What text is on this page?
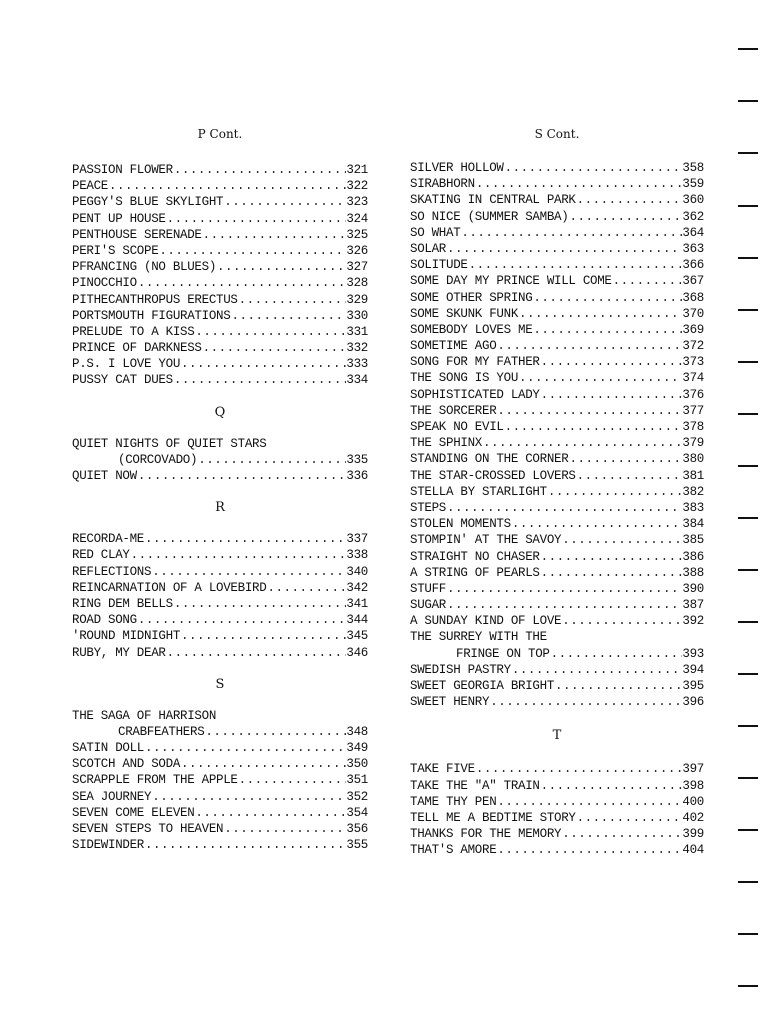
P Cont.
PASSION FLOWER .....	321
PEACE .....	322
PEGGY'S BLUE SKYLIGHT .....	323
PENT UP HOUSE .....	324
PENTHOUSE SERENADE .....	325
PERI'S SCOPE .....	326
PFRANCING (NO BLUES) .....	327
PINOCCHIO .....	328
PITHECANTHROPUS ERECTUS .....	329
PORTSMOUTH FIGURATIONS .....	330
PRELUDE TO A KISS .....	331
PRINCE OF DARKNESS .....	332
P.S. I LOVE YOU .....	333
PUSSY CAT DUES .....	334
Q
QUIET NIGHTS OF QUIET STARS
(CORCOVADO) .....	335
QUIET NOW .....	336
R
RECORDA-ME .....	337
RED CLAY .....	338
REFLECTIONS .....	340
REINCARNATION OF A LOVEBIRD .....	342
RING DEM BELLS .....	341
ROAD SONG .....	344
'ROUND MIDNIGHT .....	345
RUBY, MY DEAR .....	346
S
THE SAGA OF HARRISON
CRABFEATHERS .....	348
SATIN DOLL .....	349
SCOTCH AND SODA .....	350
SCRAPPLE FROM THE APPLE .....	351
SEA JOURNEY .....	352
SEVEN COME ELEVEN .....	354
SEVEN STEPS TO HEAVEN .....	356
SIDEWINDER .....	355
S Cont.
SILVER HOLLOW .....	358
SIRABHORN .....	359
SKATING IN CENTRAL PARK .....	360
SO NICE (SUMMER SAMBA) .....	362
SO WHAT .....	364
SOLAR .....	363
SOLITUDE .....	366
SOME DAY MY PRINCE WILL COME .....	367
SOME OTHER SPRING .....	368
SOME SKUNK FUNK .....	370
SOMEBODY LOVES ME .....	369
SOMETIME AGO .....	372
SONG FOR MY FATHER .....	373
THE SONG IS YOU .....	374
SOPHISTICATED LADY .....	376
THE SORCERER .....	377
SPEAK NO EVIL .....	378
THE SPHINX .....	379
STANDING ON THE CORNER .....	380
THE STAR-CROSSED LOVERS .....	381
STELLA BY STARLIGHT .....	382
STEPS .....	383
STOLEN MOMENTS .....	384
STOMPIN' AT THE SAVOY .....	385
STRAIGHT NO CHASER .....	386
A STRING OF PEARLS .....	388
STUFF .....	390
SUGAR .....	387
A SUNDAY KIND OF LOVE .....	392
THE SURREY WITH THE
FRINGE ON TOP .....	393
SWEDISH PASTRY .....	394
SWEET GEORGIA BRIGHT .....	395
SWEET HENRY .....	396
T
TAKE FIVE .....	397
TAKE THE "A" TRAIN .....	398
TAME THY PEN .....	400
TELL ME A BEDTIME STORY .....	402
THANKS FOR THE MEMORY .....	399
THAT'S AMORE .....	404
